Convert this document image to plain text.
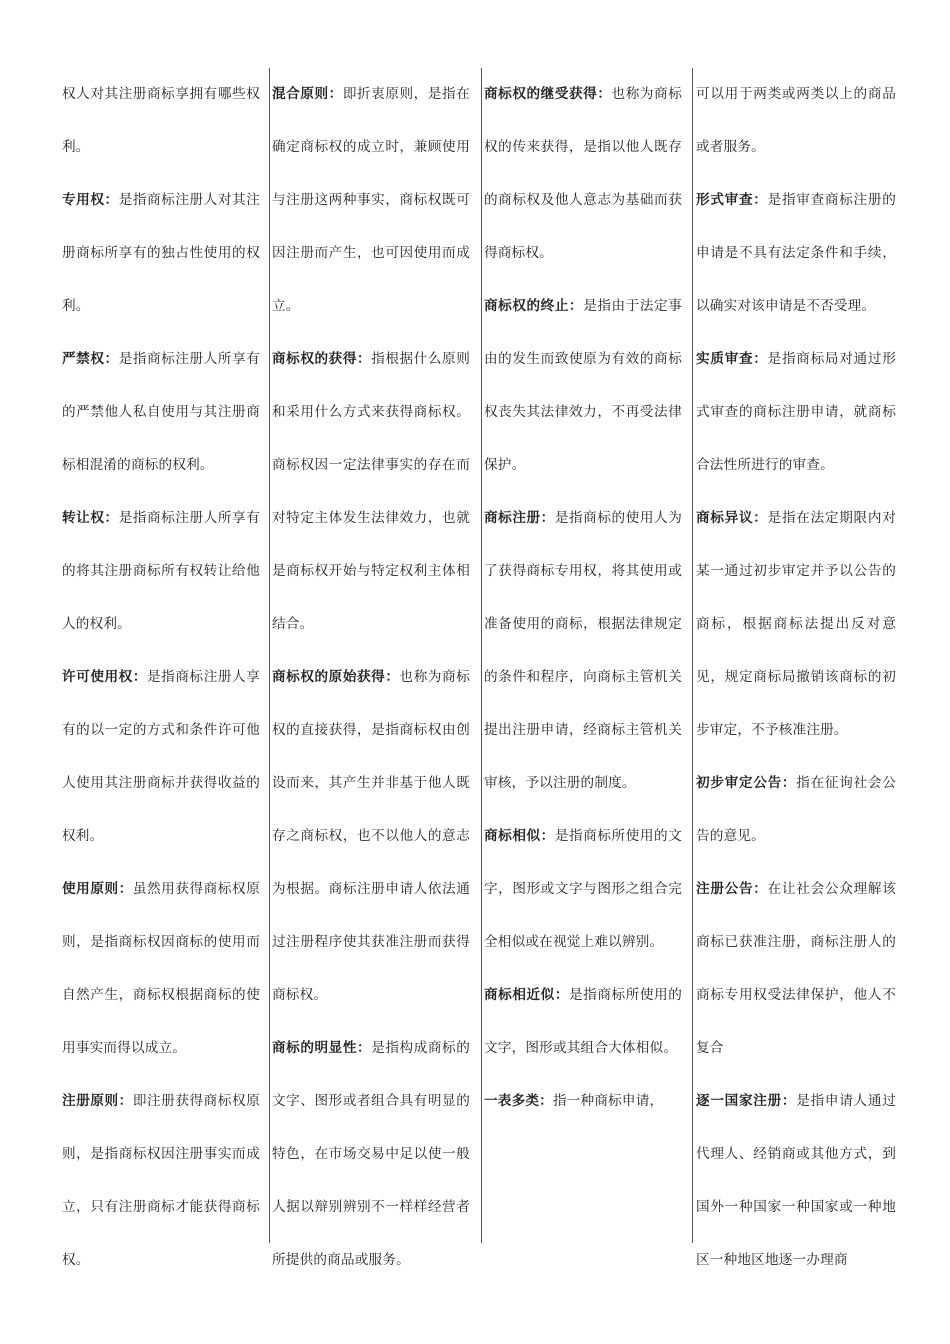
权人对其注册商标享拥有哪些权利。

专用权：是指商标注册人对其注册商标所享有的独占性使用的权利。

严禁权：是指商标注册人所享有的严禁他人私自使用与其注册商标相混淆的商标的权利。

转让权：是指商标注册人所享有的将其注册商标所有权转让给他人的权利。

许可使用权：是指商标注册人享有的以一定的方式和条件许可他人使用其注册商标并获得收益的权利。

使用原则：虽然用获得商标权原则，是指商标权因商标的使用而自然产生，商标权根据商标的使用事实而得以成立。

注册原则：即注册获得商标权原则，是指商标权因注册事实而成立，只有注册商标才能获得商标权。

混合原则：即折衷原则，是指在确定商标权的成立时，兼顾使用与注册这两种事实，商标权既可因注册而产生，也可因使用而成立。

商标权的获得：指根据什么原则和采用什么方式来获得商标权。商标权因一定法律事实的存在而对特定主体发生法律效力，也就是商标权开始与特定权利主体相结合。

商标权的原始获得：也称为商标权的直接获得，是指商标权由创设而来，其产生并非基于他人既存之商标权，也不以他人的意志为根据。商标注册申请人依法通过注册程序使其获准注册而获得商标权。

商标的明显性：是指构成商标的文字、图形或者组合具有明显的特色，在市场交易中足以使一般人据以辩别辨别不一样样经营者所提供的商品或服务。

商标权的继受获得：也称为商标权的传来获得，是指以他人既存的商标权及他人意志为基础而获得商标权。

商标权的终止：是指由于法定事由的发生而致使原为有效的商标权丧失其法律效力，不再受法律保护。

商标注册：是指商标的使用人为了获得商标专用权，将其使用或准备使用的商标，根据法律规定的条件和程序，向商标主管机关提出注册申请，经商标主管机关审核，予以注册的制度。

商标相似：是指商标所使用的文字，图形或文字与图形之组合完全相似或在视觉上难以辨别。

商标相近似：是指商标所使用的文字，图形或其组合大体相似。

一表多类：指一种商标申请，

可以用于两类或两类以上的商品或者服务。

形式审查：是指审查商标注册的申请是不具有法定条件和手续，以确实对该申请是不否受理。

实质审查：是指商标局对通过形式审查的商标注册申请，就商标合法性所进行的审查。

商标异议：是指在法定期限内对某一通过初步审定并予以公告的商标，根据商标法提出反对意见，规定商标局撤销该商标的初步审定，不予核准注册。

初步审定公告：指在征询社会公告的意见。

注册公告：在让社会公众理解该商标已获准注册，商标注册人的商标专用权受法律保护，他人不复合

逐一国家注册：是指申请人通过代理人、经销商或其他方式，到国外一种国家一种国家或一种地区一种地区地逐一办理商
